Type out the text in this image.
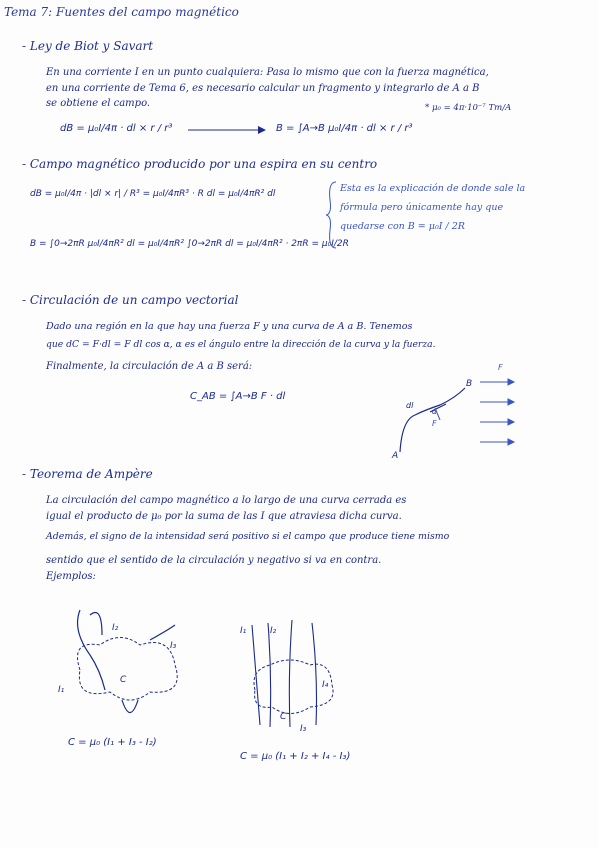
Tema 7: Fuentes del campo magnético
- Ley de Biot y Savart
En una corriente I en un punto cualquiera: Pasa lo mismo que con la fuerza magnética,
en una corriente de Tema 6, es necesario calcular un fragmento y integrarlo de A a B
se obtiene el campo.	* μ₀ = 4π·10⁻⁷ Tm/A
dB = μ₀I/4π · dl × r / r³	B = ∫A→B μ₀I/4π · dl × r / r³
- Campo magnético producido por una espira en su centro
dB = μ₀I/4π · |dl × r| / R³ = μ₀I/4πR³ · R dl = μ₀I/4πR² dl
B = ∫0→2πR μ₀I/4πR² dl = μ₀I/4πR² ∫0→2πR dl = μ₀I/4πR² · 2πR = μ₀I/2R
Esta es la explicación de donde sale la
fórmula pero únicamente hay que
quedarse con B = μ₀I / 2R
- Circulación de un campo vectorial
Dado una región en la que hay una fuerza F y una curva de A a B. Tenemos
que dC = F·dl = F dl cos α, α es el ángulo entre la dirección de la curva y la fuerza.
Finalmente, la circulación de A a B será:
C_AB = ∫A→B F · dl
A
B
dl
F
α
F
- Teorema de Ampère
La circulación del campo magnético a lo largo de una curva cerrada es
igual el producto de μ₀ por la suma de las I que atraviesa dicha curva.
Además, el signo de la intensidad será positivo si el campo que produce tiene mismo
sentido que el sentido de la circulación y negativo si va en contra.
Ejemplos:
I₁
I₂
I₃
C
C = μ₀ (I₁ + I₃ - I₂)
I₁	I₂
I₃
I₄
C
C = μ₀ (I₁ + I₂ + I₄ - I₃)
